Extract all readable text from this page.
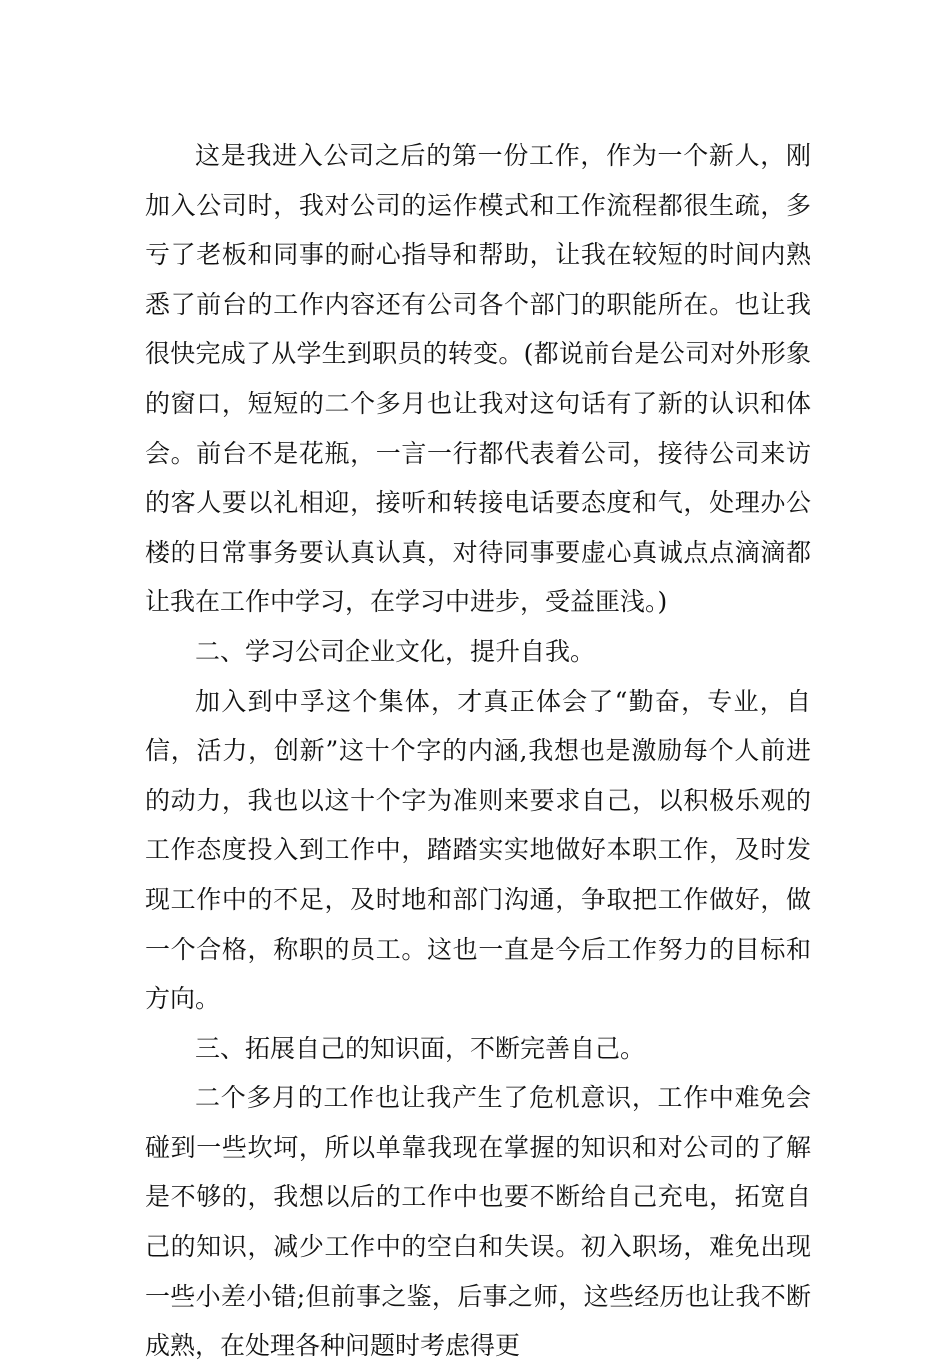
这是我进入公司之后的第一份工作，作为一个新人，刚加入公司时，我对公司的运作模式和工作流程都很生疏，多亏了老板和同事的耐心指导和帮助，让我在较短的时间内熟悉了前台的工作内容还有公司各个部门的职能所在。也让我很快完成了从学生到职员的转变。(都说前台是公司对外形象的窗口，短短的二个多月也让我对这句话有了新的认识和体会。前台不是花瓶，一言一行都代表着公司，接待公司来访的客人要以礼相迎，接听和转接电话要态度和气，处理办公楼的日常事务要认真认真，对待同事要虚心真诚点点滴滴都让我在工作中学习，在学习中进步，受益匪浅。)

二、学习公司企业文化，提升自我。

加入到中孚这个集体，才真正体会了“勤奋，专业，自信，活力，创新”这十个字的内涵,我想也是激励每个人前进的动力，我也以这十个字为准则来要求自己，以积极乐观的工作态度投入到工作中，踏踏实实地做好本职工作，及时发现工作中的不足，及时地和部门沟通，争取把工作做好，做一个合格，称职的员工。这也一直是今后工作努力的目标和方向。

三、拓展自己的知识面，不断完善自己。

二个多月的工作也让我产生了危机意识，工作中难免会碰到一些坎坷，所以单靠我现在掌握的知识和对公司的了解是不够的，我想以后的工作中也要不断给自己充电，拓宽自己的知识，减少工作中的空白和失误。初入职场，难免出现一些小差小错;但前事之鉴，后事之师，这些经历也让我不断成熟，在处理各种问题时考虑得更
